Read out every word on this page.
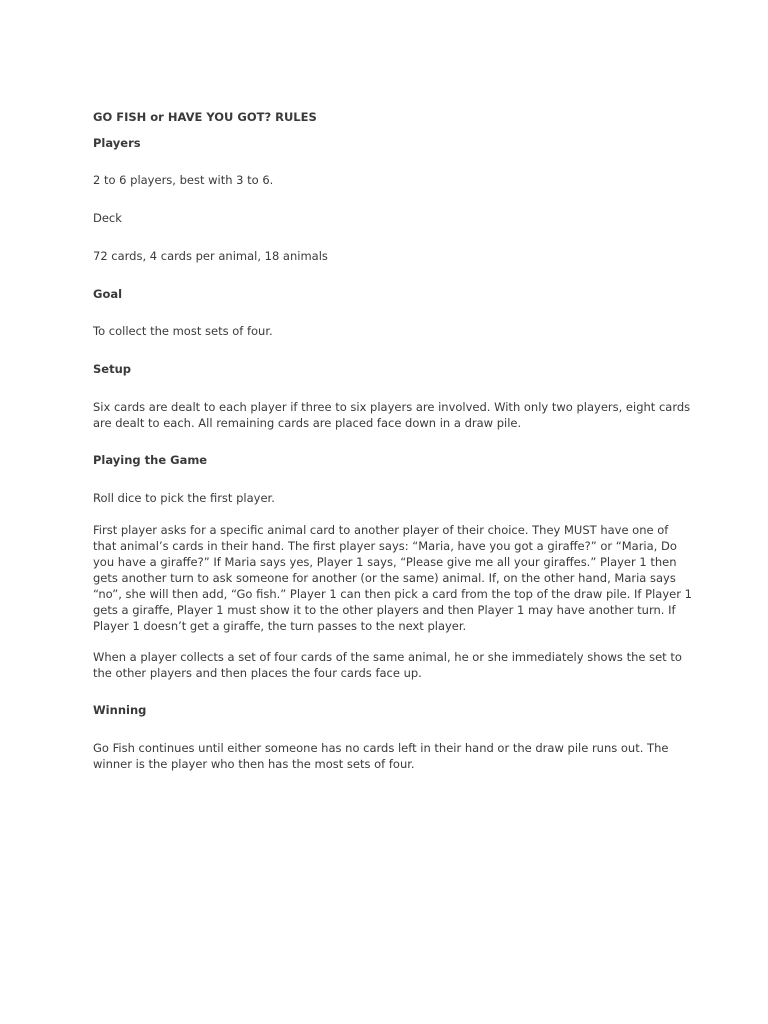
GO FISH or HAVE YOU GOT? RULES
Players
2 to 6 players, best with 3 to 6.
Deck
72 cards, 4 cards per animal, 18 animals
Goal
To collect the most sets of four.
Setup
Six cards are dealt to each player if three to six players are involved. With only two players, eight cards are dealt to each. All remaining cards are placed face down in a draw pile.
Playing the Game
Roll dice to pick the first player.
First player asks for a specific animal card to another player of their choice. They MUST have one of that animal’s cards in their hand. The first player says: “Maria, have you got a giraffe?” or “Maria, Do you have a giraffe?” If Maria says yes, Player 1 says, “Please give me all your giraffes.” Player 1 then gets another turn to ask someone for another (or the same) animal. If, on the other hand, Maria says “no”, she will then add, “Go fish.” Player 1 can then pick a card from the top of the draw pile. If Player 1 gets a giraffe, Player 1 must show it to the other players and then Player 1 may have another turn. If Player 1 doesn’t get a giraffe, the turn passes to the next player.
When a player collects a set of four cards of the same animal, he or she immediately shows the set to the other players and then places the four cards face up.
Winning
Go Fish continues until either someone has no cards left in their hand or the draw pile runs out. The winner is the player who then has the most sets of four.
